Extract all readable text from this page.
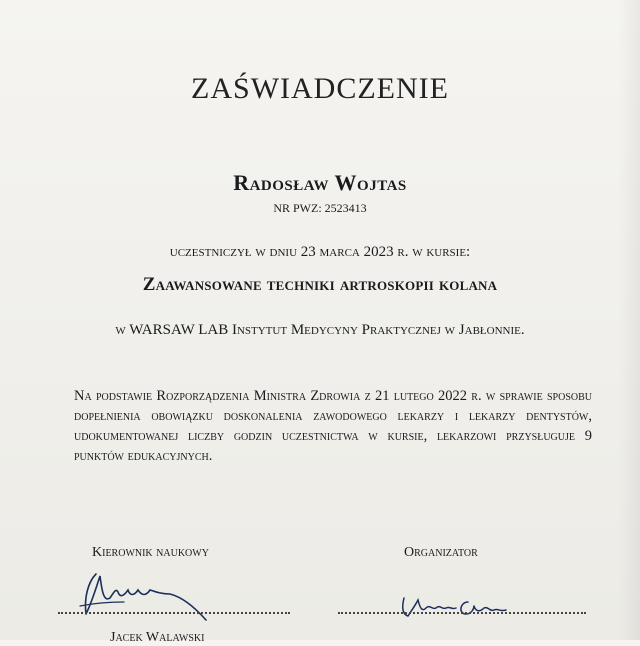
ZAŚWIADCZENIE
Radosław Wojtas
NR PWZ: 2523413
uczestniczył w dniu 23 marca 2023 r. w kursie:
Zaawansowane techniki artroskopii kolana
w WARSAW LAB Instytut Medycyny Praktycznej w Jabłonnie.
Na podstawie Rozporządzenia Ministra Zdrowia z 21 lutego 2022 r. w sprawie sposobu dopełnienia obowiązku doskonalenia zawodowego lekarzy i lekarzy dentystów, udokumentowanej liczby godzin uczestnictwa w kursie, lekarzowi przysługuje 9 punktów edukacyjnych.
Kierownik naukowy	Organizator
Jacek Walawski
